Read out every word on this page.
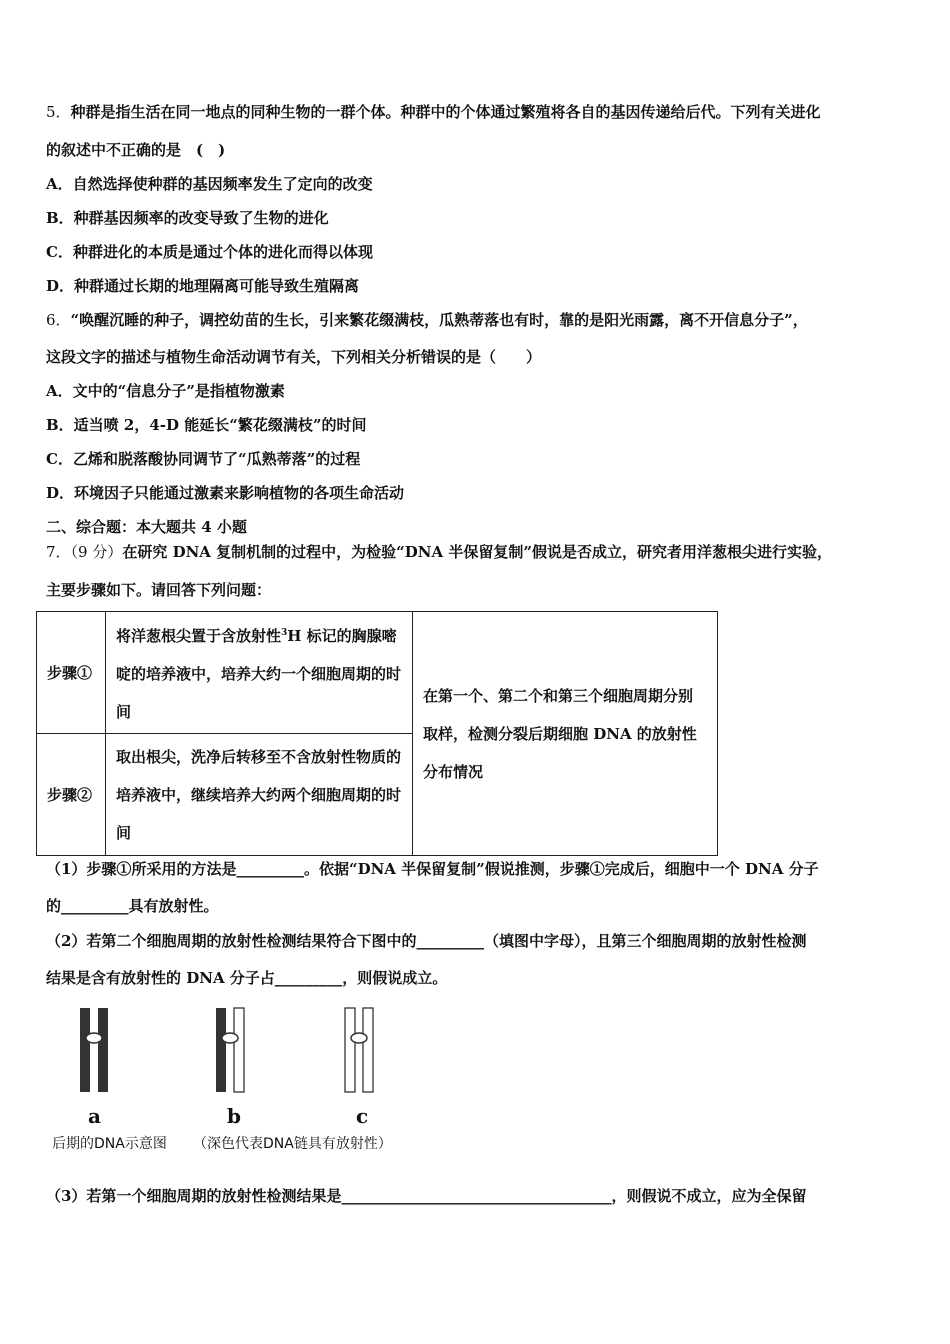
5．种群是指生活在同一地点的同种生物的一群个体。种群中的个体通过繁殖将各自的基因传递给后代。下列有关进化
的叙述中不正确的是　(　)
A．自然选择使种群的基因频率发生了定向的改变
B．种群基因频率的改变导致了生物的进化
C．种群进化的本质是通过个体的进化而得以体现
D．种群通过长期的地理隔离可能导致生殖隔离
6．“唤醒沉睡的种子，调控幼苗的生长，引来繁花缀满枝，瓜熟蒂落也有时，靠的是阳光雨露，离不开信息分子”，
这段文字的描述与植物生命活动调节有关，下列相关分析错误的是（　　）
A．文中的“信息分子”是指植物激素
B．适当喷 2，4-D 能延长“繁花缀满枝”的时间
C．乙烯和脱落酸协同调节了“瓜熟蒂落”的过程
D．环境因子只能通过激素来影响植物的各项生命活动
二、综合题：本大题共 4 小题
7．（9 分）在研究 DNA 复制机制的过程中，为检验“DNA 半保留复制”假说是否成立，研究者用洋葱根尖进行实验，
主要步骤如下。请回答下列问题：
步骤①	将洋葱根尖置于含放射性$^3$H 标记的胸腺嘧啶的培养液中，培养大约一个细胞周期的时间	在第一个、第二个和第三个细胞周期分别取样，检测分裂后期细胞 DNA 的放射性分布情况
步骤②	取出根尖，洗净后转移至不含放射性物质的培养液中，继续培养大约两个细胞周期的时间	
（1）步骤①所采用的方法是_________。依据“DNA 半保留复制”假说推测，步骤①完成后，细胞中一个 DNA 分子
的_________具有放射性。
（2）若第二个细胞周期的放射性检测结果符合下图中的_________（填图中字母），且第三个细胞周期的放射性检测
结果是含有放射性的 DNA 分子占_________，则假说成立。
a	b	c
后期的DNA示意图 （深色代表DNA链具有放射性）
（3）若第一个细胞周期的放射性检测结果是____________________________________，则假说不成立，应为全保留
